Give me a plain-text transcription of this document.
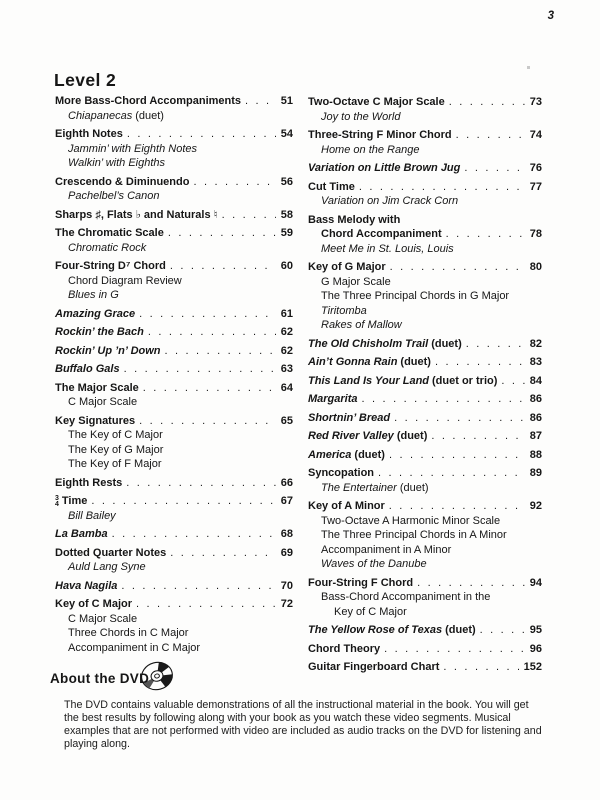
3
Level 2
More Bass-Chord Accompaniments . . .	51
Chiapanecas (duet)
Eighth Notes . . .	54
Jammin’ with Eighth Notes
Walkin’ with Eighths
Crescendo & Diminuendo . . .	56
Pachelbel’s Canon
Sharps ♯, Flats ♭ and Naturals ♮ . . .	58
The Chromatic Scale . . .	59
Chromatic Rock
Four-String D⁷ Chord . . .	60
Chord Diagram Review
Blues in G
Amazing Grace . . .	61
Rockin’ the Bach . . .	62
Rockin’ Up ’n’ Down . . .	62
Buffalo Gals . . .	63
The Major Scale . . .	64
C Major Scale
Key Signatures . . .	65
The Key of C Major
The Key of G Major
The Key of F Major
Eighth Rests . . .	66
3
4 Time . . .	67
Bill Bailey
La Bamba . . .	68
Dotted Quarter Notes . . .	69
Auld Lang Syne
Hava Nagila . . .	70
Key of C Major . . .	72
C Major Scale
Three Chords in C Major
Accompaniment in C Major
Two-Octave C Major Scale . . .	73
Joy to the World
Three-String F Minor Chord . . .	74
Home on the Range
Variation on Little Brown Jug . . .	76
Cut Time . . .	77
Variation on Jim Crack Corn
Bass Melody with
Chord Accompaniment . . .	78
Meet Me in St. Louis, Louis
Key of G Major . . .	80
G Major Scale
The Three Principal Chords in G Major
Tiritomba
Rakes of Mallow
The Old Chisholm Trail (duet) . . .	82
Ain’t Gonna Rain (duet) . . .	83
This Land Is Your Land (duet or trio) . . .	84
Margarita . . .	86
Shortnin’ Bread . . .	86
Red River Valley (duet) . . .	87
America (duet) . . .	88
Syncopation . . .	89
The Entertainer (duet)
Key of A Minor . . .	92
Two-Octave A Harmonic Minor Scale
The Three Principal Chords in A Minor
Accompaniment in A Minor
Waves of the Danube
Four-String F Chord . . .	94
Bass-Chord Accompaniment in the
Key of C Major
The Yellow Rose of Texas (duet) . . .	95
Chord Theory . . .	96
Guitar Fingerboard Chart . . .	152
About the DVD

The DVD contains valuable demonstrations of all the instructional material in the book. You will get the best results by following along with your book as you watch these video segments. Musical examples that are not performed with video are included as audio tracks on the DVD for listening and playing along.
